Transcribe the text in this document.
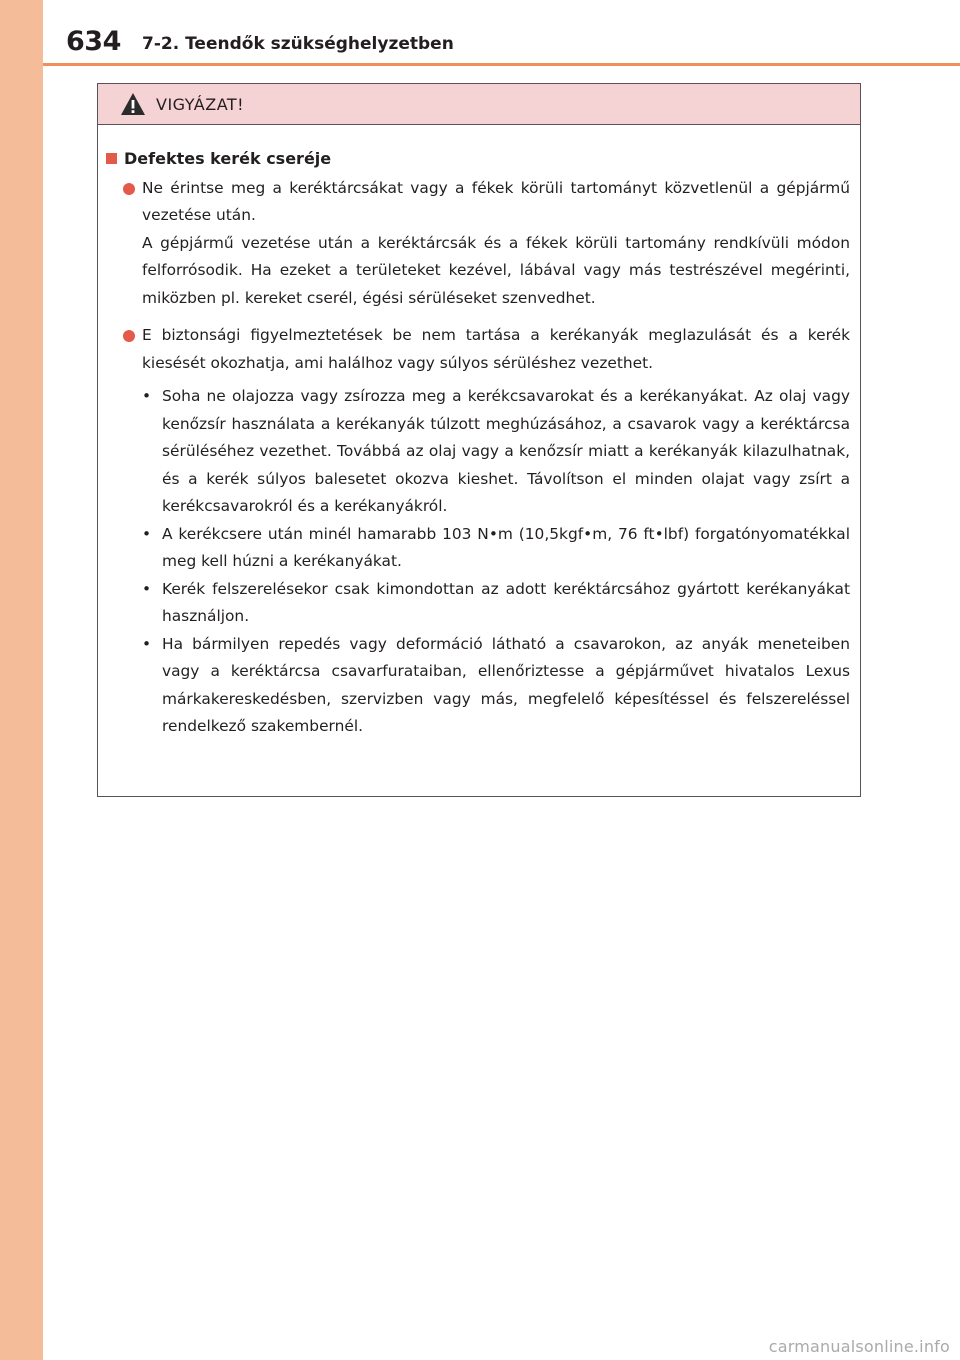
634 7-2. Teendők szükséghelyzetben
VIGYÁZAT!
Defektes kerék cseréje
Ne érintse meg a keréktárcsákat vagy a fékek körüli tartományt közvetlenül a gépjármű vezetése után.
A gépjármű vezetése után a keréktárcsák és a fékek körüli tartomány rendkívüli módon felforrósodik. Ha ezeket a területeket kezével, lábával vagy más testrészével megérinti, miközben pl. kereket cserél, égési sérüléseket szenvedhet.
E biztonsági figyelmeztetések be nem tartása a kerékanyák meglazulását és a kerék kiesését okozhatja, ami halálhoz vagy súlyos sérüléshez vezethet.
• Soha ne olajozza vagy zsírozza meg a kerékcsavarokat és a kerékanyákat. Az olaj vagy kenőzsír használata a kerékanyák túlzott meghúzásához, a csavarok vagy a keréktárcsa sérüléséhez vezethet. Továbbá az olaj vagy a kenőzsír miatt a kerékanyák kilazulhatnak, és a kerék súlyos balesetet okozva kieshet. Távolítson el minden olajat vagy zsírt a kerékcsavarokról és a kerékanyákról.
• A kerékcsere után minél hamarabb 103 N•m (10,5kgf•m, 76 ft•lbf) forgatónyomatékkal meg kell húzni a kerékanyákat.
• Kerék felszerelésekor csak kimondottan az adott keréktárcsához gyártott kerékanyákat használjon.
• Ha bármilyen repedés vagy deformáció látható a csavarokon, az anyák meneteiben vagy a keréktárcsa csavarfurataiban, ellenőriztesse a gépjárművet hivatalos Lexus márkakereskedésben, szervizben vagy más, megfelelő képesítéssel és felszereléssel rendelkező szakembernél.
carmanualsonline.info
